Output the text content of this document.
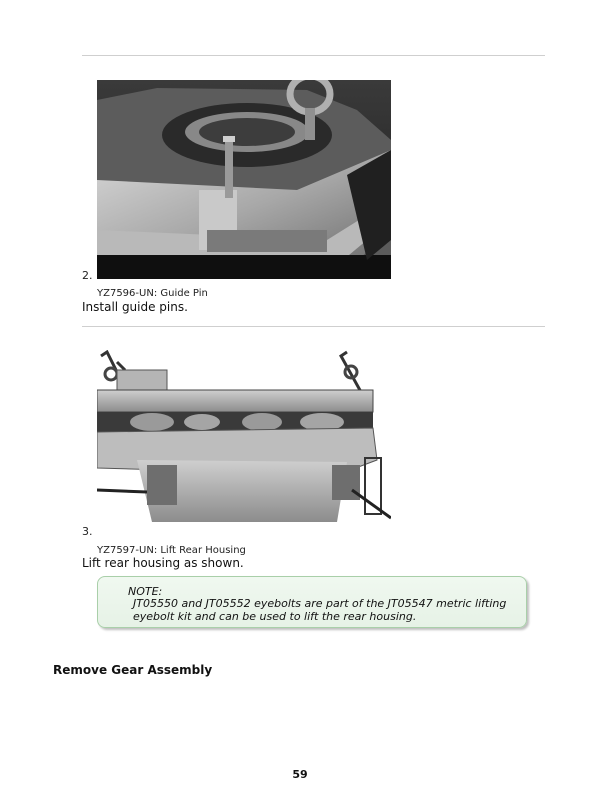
2.
YZ7596-UN: Guide Pin
Install guide pins.
3.
YZ7597-UN: Lift Rear Housing
Lift rear housing as shown.
NOTE:
JT05550 and JT05552 eyebolts are part of the JT05547 metric lifting eyebolt kit and can be used to lift the rear housing.
Remove Gear Assembly
59
